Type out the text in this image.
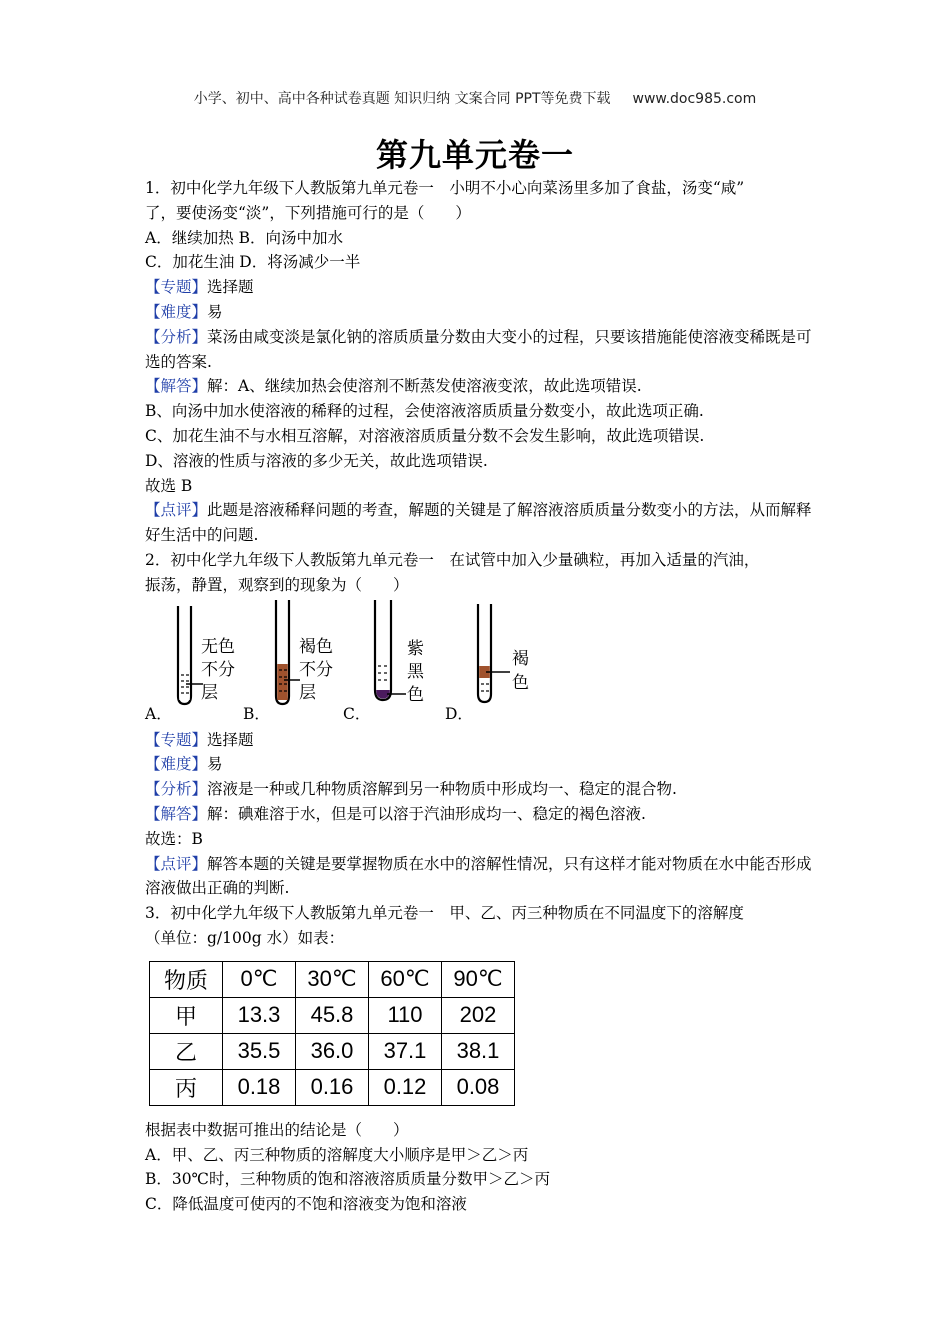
小学、初中、高中各种试卷真题 知识归纳 文案合同 PPT等免费下载 www.doc985.com
第九单元卷一
1．初中化学九年级下人教版第九单元卷一　小明不小心向菜汤里多加了食盐，汤变“咸”
了，要使汤变“淡”，下列措施可行的是（　　）
A．继续加热 B．向汤中加水
C．加花生油 D．将汤减少一半
【专题】选择题
【难度】易
【分析】菜汤由咸变淡是氯化钠的溶质质量分数由大变小的过程，只要该措施能使溶液变稀既是可选的答案.
【解答】解：A、继续加热会使溶剂不断蒸发使溶液变浓，故此选项错误.
B、向汤中加水使溶液的稀释的过程，会使溶液溶质质量分数变小，故此选项正确.
C、加花生油不与水相互溶解，对溶液溶质质量分数不会发生影响，故此选项错误.
D、溶液的性质与溶液的多少无关，故此选项错误.
故选 B
【点评】此题是溶液稀释问题的考查，解题的关键是了解溶液溶质质量分数变小的方法，从而解释好生活中的问题.
2．初中化学九年级下人教版第九单元卷一　在试管中加入少量碘粒，再加入适量的汽油，
振荡，静置，观察到的现象为（　　）
A．
无色
不分
层
B．
褐色
不分
层
C．
紫
黑
色
D．
褐
色
【专题】选择题
【难度】易
【分析】溶液是一种或几种物质溶解到另一种物质中形成均一、稳定的混合物.
【解答】解：碘难溶于水，但是可以溶于汽油形成均一、稳定的褐色溶液.
故选：B
【点评】解答本题的关键是要掌握物质在水中的溶解性情况，只有这样才能对物质在水中能否形成溶液做出正确的判断.
3．初中化学九年级下人教版第九单元卷一　甲、乙、丙三种物质在不同温度下的溶解度
（单位：g/100g 水）如表：
物质	0℃	30℃	60℃	90℃
甲	13.3	45.8	110	202
乙	35.5	36.0	37.1	38.1
丙	0.18	0.16	0.12	0.08
根据表中数据可推出的结论是（　　）
A．甲、乙、丙三种物质的溶解度大小顺序是甲＞乙＞丙
B．30℃时，三种物质的饱和溶液溶质质量分数甲＞乙＞丙
C．降低温度可使丙的不饱和溶液变为饱和溶液
